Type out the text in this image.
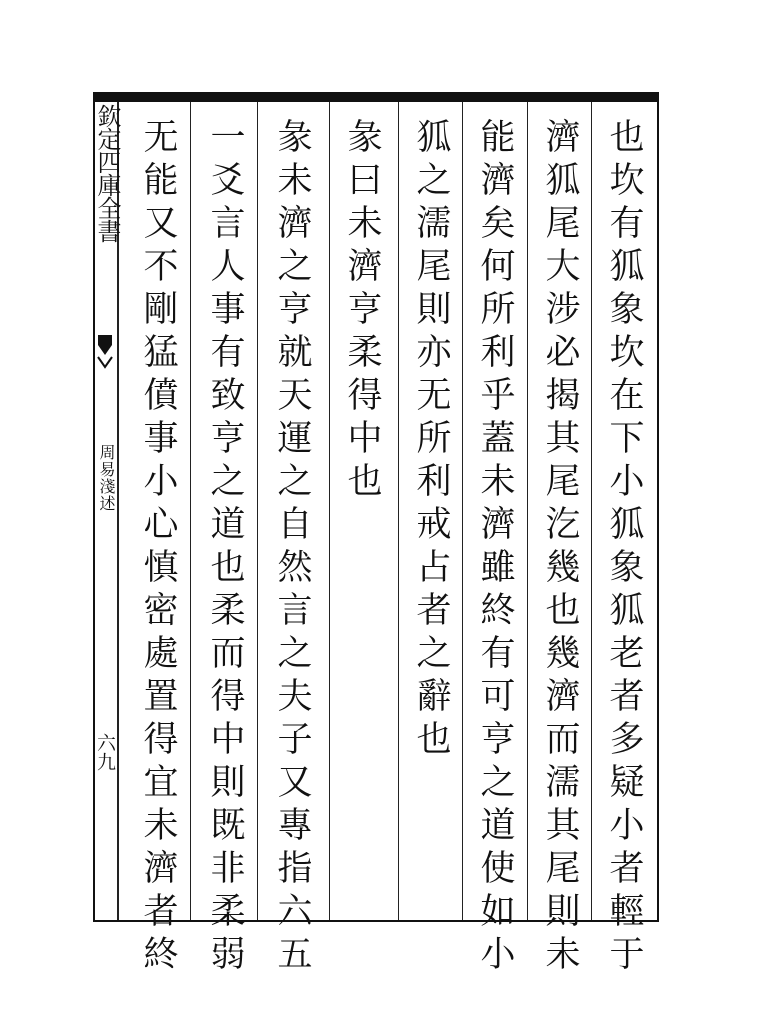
欽定四庫全書
周易淺述
六九	也坎有狐象坎在下小狐象狐老者多疑小者輕于
濟狐尾大涉必揭其尾汔幾也幾濟而濡其尾則未
能濟矣何所利乎蓋未濟雖終有可亨之道使如小
狐之濡尾則亦无所利戒占者之辭也
彖曰未濟亨柔得中也
彖未濟之亨就天運之自然言之夫子又專指六五
一爻言人事有致亨之道也柔而得中則既非柔弱
无能又不剛猛僨事小心慎密處置得宜未濟者終
